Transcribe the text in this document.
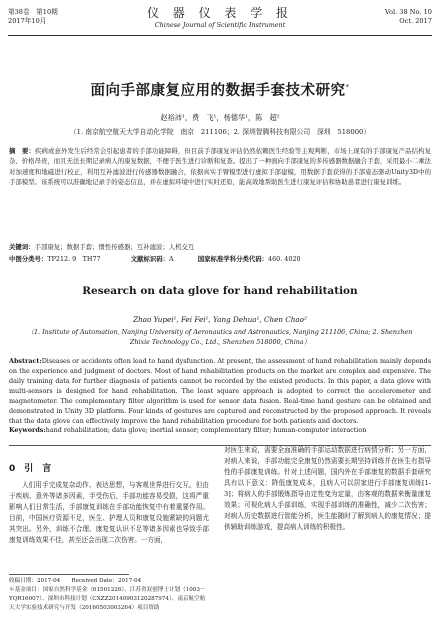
第38卷　第10期
2017年10月
仪 器 仪 表 学 报
Chinese Journal of Scientific Instrument
Vol. 38 No. 10
Oct. 2017
面向手部康复应用的数据手套技术研究*
赵裕沛¹，费　飞¹，杨德华¹，陈　超²
（1. 南京航空航天大学自动化学院　南京　211106；2. 深圳智腾科技有限公司　深圳　518000）
摘　要：疾病或意外发生后经常会引起患者的手部功能障碍，但目前手部康复评估仍然依赖医生经验等主观判断，市场上现有的手部康复产品结构复杂、价格昂贵，而且无法长期记录病人的康复数据，不便于医生进行诊断和复查。提出了一种面向手部康复的多传感器数据融合手套，采用最小二乘法对加速度和地磁进行校正，利用互补滤波进行传感器数据融合，依据真实手臂模型进行虚拟手部建模，用数据手套获得的手部姿态驱动Unity3D中的手部模型。该系统可以准确地记录手的姿态信息，并在虚拟环境中进行实时还原，能高效地帮助医生进行康复评估和协助患者进行康复训练。
关键词：手部康复；数据手套；惯性传感器；互补滤波；人机交互
中图分类号：TP212. 9　TH77	文献标识码：A	国家标准学科分类代码：460. 4020
Research on data glove for hand rehabilitation
Zhao Yupei¹, Fei Fei¹, Yang Dehua¹, Chen Chao²
（1. Institute of Automation, Nanjing University of Aeronautics and Astronautics, Nanjing 211106, China; 2. Shenzhen Zhixie Technology Co., Ltd., Shenzhen 518000, China）
Abstract:Diseases or accidents often lead to hand dysfunction. At present, the assessment of hand rehabilitation mainly depends on the experience and judgment of doctors. Most of hand rehabilitation products on the market are complex and expensive. The daily training data for further diagnosis of patients cannot be recorded by the existed products. In this paper, a data glove with multi-sensors is designed for hand rehabilitation. The least square approach is adopted to correct the accelerometer and magnetometer. The complementary filter algorithm is used for sensor data fusion. Real-time hand gesture can be obtained and demonstrated in Unity 3D platform. Four kinds of gestures are captured and reconstructed by the proposed approach. It reveals that the data glove can effectively improve the hand rehabilitation procedure for both patients and doctors.
Keywords:hand rehabilitation; data glove; inertial sensor; complementary filter; human-computer interaction
0　引　言
人们用手完成复杂动作、表达思想，与客观世界进行交互。但由于疾病、意外等诸多因素，手受伤后，手部功能容易受损，这将严重影响人们日常生活，手部康复训练在手部功能恢复中有着重要作用。目前，中国医疗资源不足，医生、护理人员和康复设施紧缺的问题尤其突出。另外，训练不合理、康复复认识不足等诸多因素也导致手部康复训练效果不佳，甚至还会出现二次伤害。一方面，
对医生来说，需要全面准确的手部运动数据进行病情分析；另一方面，对病人来说，手部功能完全康复仍然需要长期坚持训练并在医生有指导性的手部康复训练。针对上述问题，国内外在手部康复的数据手套研究具有以下意义：降低康复成本，且病人可以居家进行手部康复训练[1-3]；将病人的手部锻炼指导由定性变为定量，由客观的数据来衡量康复效果；可视化病人手部训练，实现手部训练的准确性，减少二次伤害；对病人历史数据进行智能分析，医生能随时了解到病人的康复情况；提供辅助训练游戏，提高病人训练的积极性。
收稿日期：2017-04　　Received Date：2017-04
＊基金项目：国家自然科学基金（61501226）、江苏省双创博士计划（1003－YQR16007）、深圳市科技计划（CXZZ20140903120287974）、南京航空航天大学实验技术研究与开发（20160503003264）项目资助
